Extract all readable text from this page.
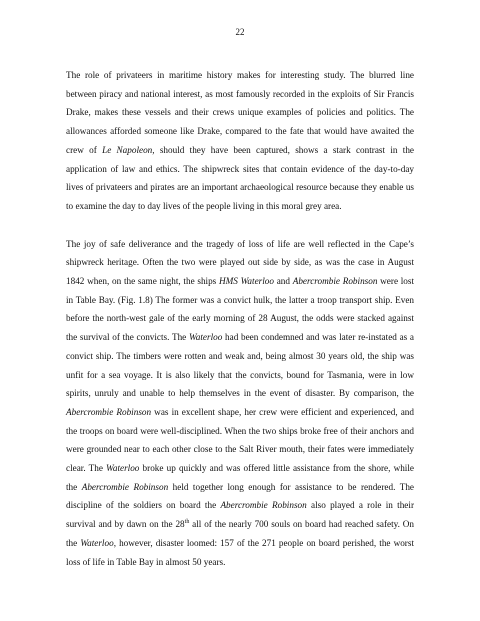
22

The role of privateers in maritime history makes for interesting study. The blurred line between piracy and national interest, as most famously recorded in the exploits of Sir Francis Drake, makes these vessels and their crews unique examples of policies and politics. The allowances afforded someone like Drake, compared to the fate that would have awaited the crew of Le Napoleon, should they have been captured, shows a stark contrast in the application of law and ethics. The shipwreck sites that contain evidence of the day-to-day lives of privateers and pirates are an important archaeological resource because they enable us to examine the day to day lives of the people living in this moral grey area.

The joy of safe deliverance and the tragedy of loss of life are well reflected in the Cape’s shipwreck heritage. Often the two were played out side by side, as was the case in August 1842 when, on the same night, the ships HMS Waterloo and Abercrombie Robinson were lost in Table Bay. (Fig. 1.8) The former was a convict hulk, the latter a troop transport ship. Even before the north-west gale of the early morning of 28 August, the odds were stacked against the survival of the convicts. The Waterloo had been condemned and was later re-instated as a convict ship. The timbers were rotten and weak and, being almost 30 years old, the ship was unfit for a sea voyage. It is also likely that the convicts, bound for Tasmania, were in low spirits, unruly and unable to help themselves in the event of disaster. By comparison, the Abercrombie Robinson was in excellent shape, her crew were efficient and experienced, and the troops on board were well-disciplined. When the two ships broke free of their anchors and were grounded near to each other close to the Salt River mouth, their fates were immediately clear. The Waterloo broke up quickly and was offered little assistance from the shore, while the Abercrombie Robinson held together long enough for assistance to be rendered. The discipline of the soldiers on board the Abercrombie Robinson also played a role in their survival and by dawn on the 28th all of the nearly 700 souls on board had reached safety. On the Waterloo, however, disaster loomed: 157 of the 271 people on board perished, the worst loss of life in Table Bay in almost 50 years.
